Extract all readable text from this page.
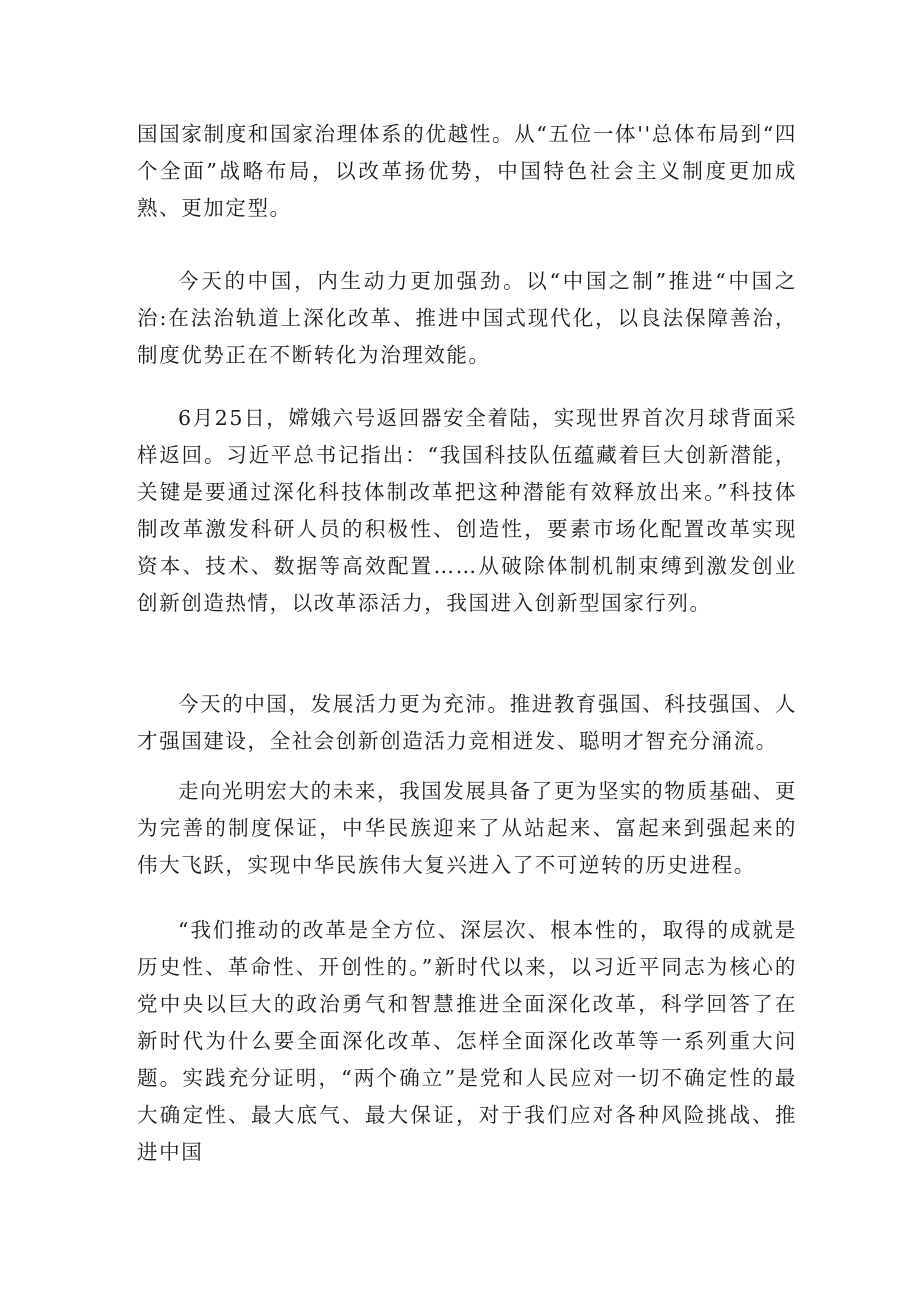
国国家制度和国家治理体系的优越性。从“五位一体''总体布局到“四个全面”战略布局，以改革扬优势，中国特色社会主义制度更加成熟、更加定型。

今天的中国，内生动力更加强劲。以“中国之制”推进“中国之治:在法治轨道上深化改革、推进中国式现代化，以良法保障善治，制度优势正在不断转化为治理效能。

6月25日，嫦娥六号返回器安全着陆，实现世界首次月球背面采样返回。习近平总书记指出：“我国科技队伍蕴藏着巨大创新潜能，关键是要通过深化科技体制改革把这种潜能有效释放出来。”科技体制改革激发科研人员的积极性、创造性，要素市场化配置改革实现资本、技术、数据等高效配置……从破除体制机制束缚到激发创业创新创造热情，以改革添活力，我国进入创新型国家行列。

今天的中国，发展活力更为充沛。推进教育强国、科技强国、人才强国建设，全社会创新创造活力竞相迸发、聪明才智充分涌流。

走向光明宏大的未来，我国发展具备了更为坚实的物质基础、更为完善的制度保证，中华民族迎来了从站起来、富起来到强起来的伟大飞跃，实现中华民族伟大复兴进入了不可逆转的历史进程。

“我们推动的改革是全方位、深层次、根本性的，取得的成就是历史性、革命性、开创性的。”新时代以来，以习近平同志为核心的党中央以巨大的政治勇气和智慧推进全面深化改革，科学回答了在新时代为什么要全面深化改革、怎样全面深化改革等一系列重大问题。实践充分证明，“两个确立”是党和人民应对一切不确定性的最大确定性、最大底气、最大保证，对于我们应对各种风险挑战、推进中国
